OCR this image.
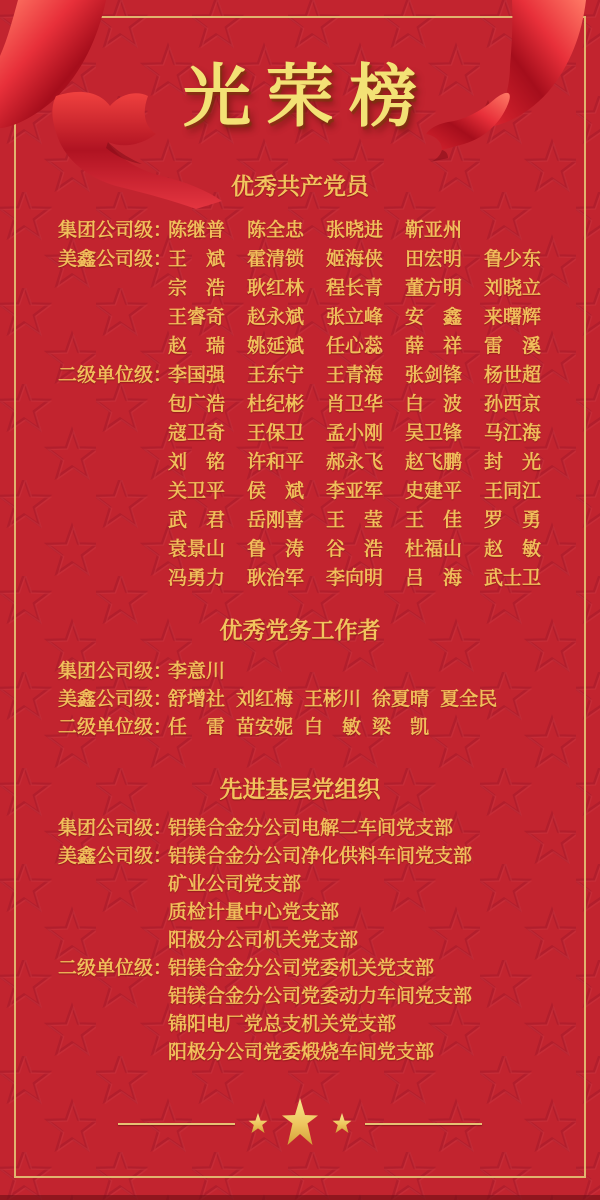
光荣榜
优秀共产党员
集团公司级：
陈继普 陈全忠 张晓进 靳亚州
美鑫公司级：
王　斌 霍清锁 姬海侠 田宏明 鲁少东
宗　浩 耿红林 程长青 董方明 刘晓立
王睿奇 赵永斌 张立峰 安　鑫 来曙辉
赵　瑞 姚延斌 任心蕊 薛　祥 雷　溪
二级单位级：
李国强 王东宁 王青海 张剑锋 杨世超
包广浩 杜纪彬 肖卫华 白　波 孙西京
寇卫奇 王保卫 孟小刚 吴卫锋 马江海
刘　铭 许和平 郝永飞 赵飞鹏 封　光
关卫平 侯　斌 李亚军 史建平 王同江
武　君 岳刚喜 王　莹 王　佳 罗　勇
袁景山 鲁　涛 谷　浩 杜福山 赵　敏
冯勇力 耿治军 李向明 吕　海 武士卫
优秀党务工作者
集团公司级：
李意川
美鑫公司级：
舒增社 刘红梅 王彬川 徐夏晴 夏全民
二级单位级：
任　雷 苗安妮 白　敏 梁　凯
先进基层党组织
集团公司级：
铝镁合金分公司电解二车间党支部
美鑫公司级：
铝镁合金分公司净化供料车间党支部
矿业公司党支部
质检计量中心党支部
阳极分公司机关党支部
二级单位级：
铝镁合金分公司党委机关党支部
铝镁合金分公司党委动力车间党支部
锦阳电厂党总支机关党支部
阳极分公司党委煅烧车间党支部
